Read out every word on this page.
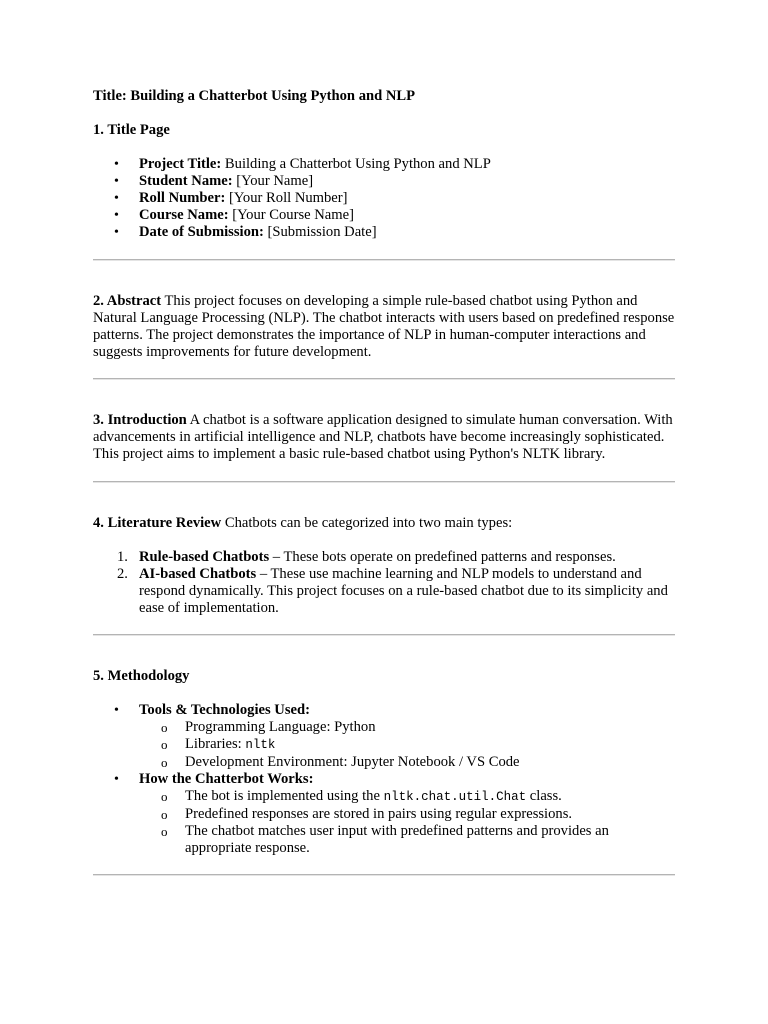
Title: Building a Chatterbot Using Python and NLP

1. Title Page

• Project Title: Building a Chatterbot Using Python and NLP
• Student Name: [Your Name]
• Roll Number: [Your Roll Number]
• Course Name: [Your Course Name]
• Date of Submission: [Submission Date]

2. Abstract This project focuses on developing a simple rule-based chatbot using Python and Natural Language Processing (NLP). The chatbot interacts with users based on predefined response patterns. The project demonstrates the importance of NLP in human-computer interactions and suggests improvements for future development.

3. Introduction A chatbot is a software application designed to simulate human conversation. With advancements in artificial intelligence and NLP, chatbots have become increasingly sophisticated. This project aims to implement a basic rule-based chatbot using Python's NLTK library.

4. Literature Review Chatbots can be categorized into two main types:

1. Rule-based Chatbots – These bots operate on predefined patterns and responses.
2. AI-based Chatbots – These use machine learning and NLP models to understand and respond dynamically. This project focuses on a rule-based chatbot due to its simplicity and ease of implementation.

5. Methodology

• Tools & Technologies Used:
o Programming Language: Python
o Libraries: nltk
o Development Environment: Jupyter Notebook / VS Code
• How the Chatterbot Works:
o The bot is implemented using the nltk.chat.util.Chat class.
o Predefined responses are stored in pairs using regular expressions.
o The chatbot matches user input with predefined patterns and provides an appropriate response.
